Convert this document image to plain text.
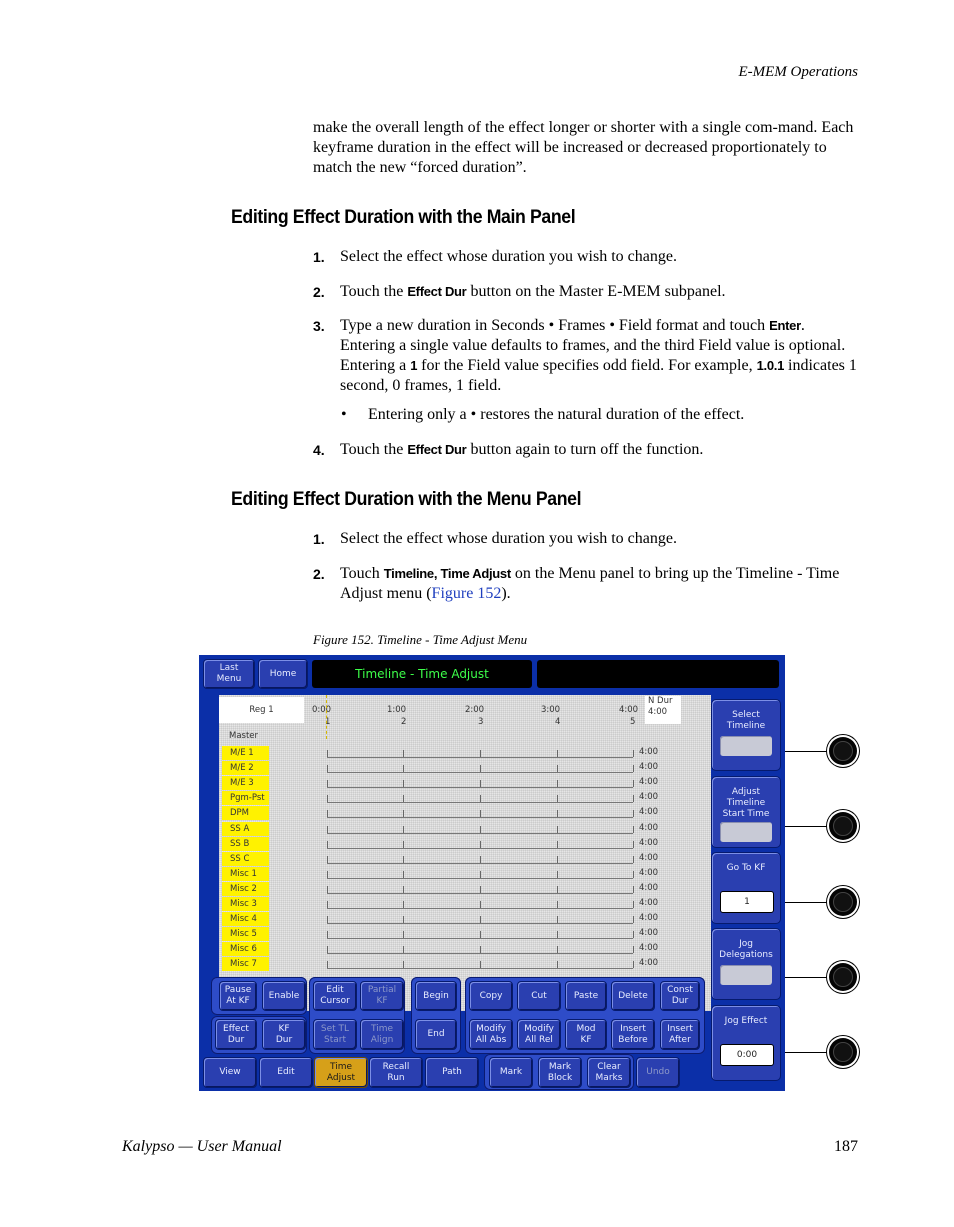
E-MEM Operations
make the overall length of the effect longer or shorter with a single com-mand. Each keyframe duration in the effect will be increased or decreased proportionately to match the new “forced duration”.
Editing Effect Duration with the Main Panel
1. Select the effect whose duration you wish to change.
2. Touch the Effect Dur button on the Master E-MEM subpanel.
3. Type a new duration in Seconds • Frames • Field format and touch Enter. Entering a single value defaults to frames, and the third Field value is optional. Entering a 1 for the Field value specifies odd field. For example, 1.0.1 indicates 1 second, 0 frames, 1 field.
• Entering only a • restores the natural duration of the effect.
4. Touch the Effect Dur button again to turn off the function.
Editing Effect Duration with the Menu Panel
1. Select the effect whose duration you wish to change.
2. Touch Timeline, Time Adjust on the Menu panel to bring up the Timeline - Time Adjust menu (Figure 152).
Figure 152. Timeline - Time Adjust Menu
Last
Menu
Home	Timeline - Time Adjust
Reg 1	0:00	1:00	2:00	3:00	4:00
1	2	3	4	5
N Dur
4:00
Master
M/E 1	4:00
M/E 2	4:00
M/E 3	4:00
Pgm-Pst	4:00
DPM	4:00
SS A	4:00
SS B	4:00
SS C	4:00
Misc 1	4:00
Misc 2	4:00
Misc 3	4:00
Misc 4	4:00
Misc 5	4:00
Misc 6	4:00
Misc 7	4:00
Select
Timeline
Adjust
Timeline
Start Time
Go To KF
1
Jog
Delegations
Jog Effect
0:00
Pause
At KF
Enable
Edit
Cursor
Partial
KF
Begin	Copy	Cut	Paste	Delete
Const
Dur
Effect
Dur
KF
Dur
Set TL
Start
Time
Align
End
Modify
All Abs
Modify
All Rel
Mod
KF
Insert
Before
Insert
After
View	Edit
Time
Adjust
Recall
Run
Path	Mark
Mark
Block
Clear
Marks
Undo
Kalypso — User Manual	187
